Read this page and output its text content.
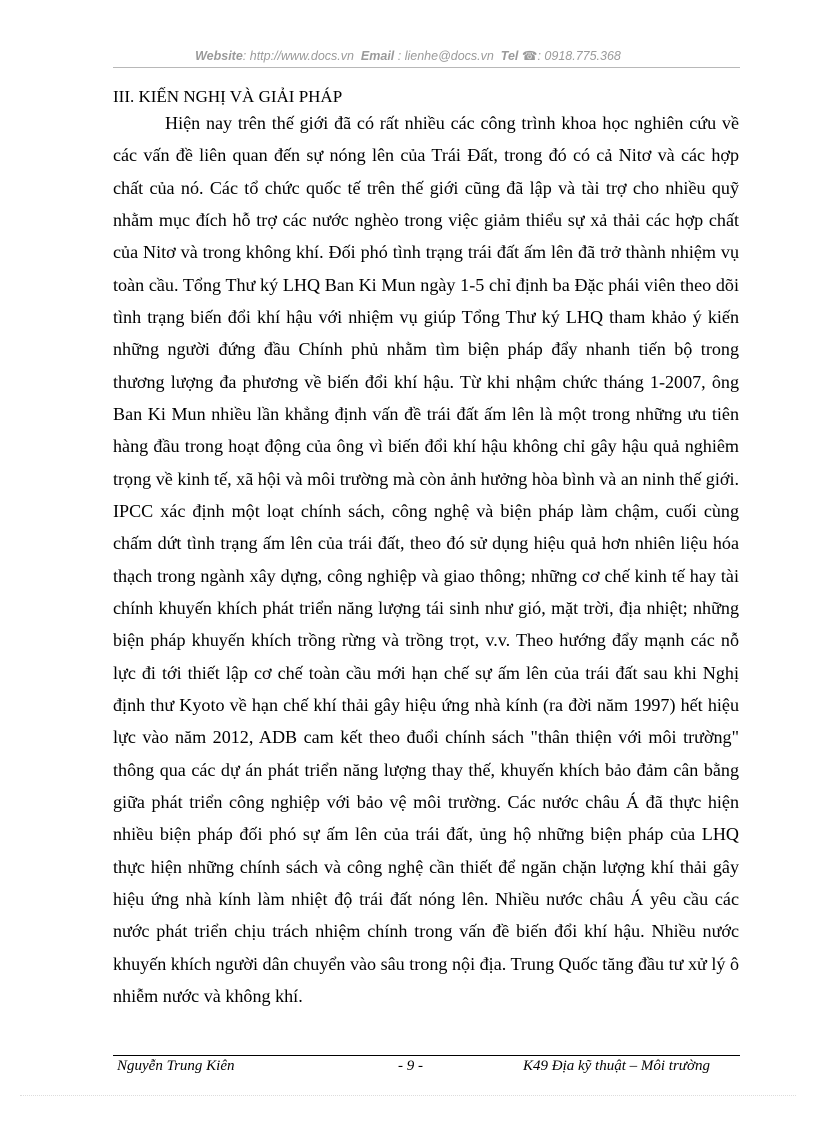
Website: http://www.docs.vn Email : lienhe@docs.vn Tel ☎: 0918.775.368
III. KIẾN NGHỊ VÀ GIẢI PHÁP

Hiện nay trên thế giới đã có rất nhiều các công trình khoa học nghiên cứu về các vấn đề liên quan đến sự nóng lên của Trái Đất, trong đó có cả Nitơ và các hợp chất của nó. Các tổ chức quốc tế trên thế giới cũng đã lập và tài trợ cho nhiều quỹ nhằm mục đích hỗ trợ các nước nghèo trong việc giảm thiểu sự xả thải các hợp chất của Nitơ và trong không khí. Đối phó tình trạng trái đất ấm lên đã trở thành nhiệm vụ toàn cầu. Tổng Thư ký LHQ Ban Ki Mun ngày 1-5 chỉ định ba Đặc phái viên theo dõi tình trạng biến đổi khí hậu với nhiệm vụ giúp Tổng Thư ký LHQ tham khảo ý kiến những người đứng đầu Chính phủ nhằm tìm biện pháp đẩy nhanh tiến bộ trong thương lượng đa phương về biến đổi khí hậu. Từ khi nhậm chức tháng 1-2007, ông Ban Ki Mun nhiều lần khẳng định vấn đề trái đất ấm lên là một trong những ưu tiên hàng đầu trong hoạt động của ông vì biến đổi khí hậu không chỉ gây hậu quả nghiêm trọng về kinh tế, xã hội và môi trường mà còn ảnh hưởng hòa bình và an ninh thế giới. IPCC xác định một loạt chính sách, công nghệ và biện pháp làm chậm, cuối cùng chấm dứt tình trạng ấm lên của trái đất, theo đó sử dụng hiệu quả hơn nhiên liệu hóa thạch trong ngành xây dựng, công nghiệp và giao thông; những cơ chế kinh tế hay tài chính khuyến khích phát triển năng lượng tái sinh như gió, mặt trời, địa nhiệt; những biện pháp khuyến khích trồng rừng và trồng trọt, v.v. Theo hướng đẩy mạnh các nỗ lực đi tới thiết lập cơ chế toàn cầu mới hạn chế sự ấm lên của trái đất sau khi Nghị định thư Kyoto về hạn chế khí thải gây hiệu ứng nhà kính (ra đời năm 1997) hết hiệu lực vào năm 2012, ADB cam kết theo đuổi chính sách "thân thiện với môi trường" thông qua các dự án phát triển năng lượng thay thế, khuyến khích bảo đảm cân bằng giữa phát triển công nghiệp với bảo vệ môi trường. Các nước châu Á đã thực hiện nhiều biện pháp đối phó sự ấm lên của trái đất, ủng hộ những biện pháp của LHQ thực hiện những chính sách và công nghệ cần thiết để ngăn chặn lượng khí thải gây hiệu ứng nhà kính làm nhiệt độ trái đất nóng lên. Nhiều nước châu Á yêu cầu các nước phát triển chịu trách nhiệm chính trong vấn đề biến đổi khí hậu. Nhiều nước khuyến khích người dân chuyển vào sâu trong nội địa. Trung Quốc tăng đầu tư xử lý ô nhiễm nước và không khí.

Nguyễn Trung Kiên	- 9 -	K49 Địa kỹ thuật – Môi trường
